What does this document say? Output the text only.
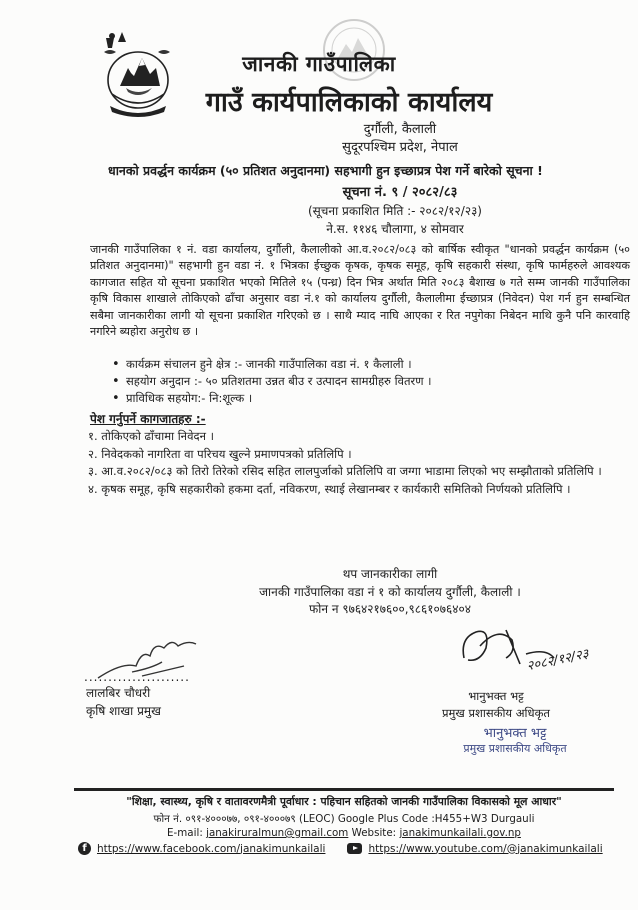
जानकी गाउँपालिका
गाउँ कार्यपालिकाको कार्यालय
दुर्गौली, कैलाली
सुदूरपश्चिम प्रदेश, नेपाल
धानको प्रवर्द्धन कार्यक्रम (५० प्रतिशत अनुदानमा) सहभागी हुन इच्छाप्रत्र पेश गर्ने बारेको सूचना !
सूचना नं. ९ / २०८२/८३
(सूचना प्रकाशित मिति :- २०८२/१२/२३)
ने.स. ११४६ चौलागा, ४ सोमवार

जानकी गाउँपालिका १ नं. वडा कार्यालय, दुर्गौली, कैलालीको आ.व.२०८२/०८३ को बार्षिक स्वीकृत "धानको प्रवर्द्धन कार्यक्रम (५० प्रतिशत अनुदानमा)" सहभागी हुन वडा नं. १ भित्रका ईच्छुक कृषक, कृषक समूह, कृषि सहकारी संस्था, कृषि फार्महरुले आवश्यक कागजात सहित यो सूचना प्रकाशित भएको मितिले १५ (पन्ध्र) दिन भित्र अर्थात मिति २०८३ बैशाख ७ गते सम्म जानकी गाउँपालिका कृषि विकास शाखाले तोकिएको ढाँचा अनुसार वडा नं.१ को कार्यालय दुर्गौली, कैलालीमा ईच्छाप्रत्र (निवेदन) पेश गर्न हुन सम्बन्धित सबैमा जानकारीका लागी यो सूचना प्रकाशित गरिएको छ । साथै म्याद नाघि आएका र रित नपुगेका निबेदन माथि कुनै पनि कारवाहि नगरिने ब्यहोरा अनुरोध छ ।

• कार्यक्रम संचालन हुने क्षेत्र :- जानकी गाउँपालिका वडा नं. १ कैलाली ।
• सहयोग अनुदान :- ५० प्रतिशतमा उन्नत बीउ र उत्पादन सामग्रीहरु वितरण ।
• प्राविधिक सहयोग:- नि:शूल्क ।
पेश गर्नुपर्ने कागजातहरु :-
१. तोकिएको ढाँचामा निवेदन ।
२. निवेदकको नागरिता वा परिचय खुल्ने प्रमाणपत्रको प्रतिलिपि ।
३. आ.व.२०८२/०८३ को तिरो तिरेको रसिद सहित लालपुर्जाको प्रतिलिपि वा जग्गा भाडामा लिएको भए सम्झौताको प्रतिलिपि ।
४. कृषक समूह, कृषि सहकारीको हकमा दर्ता, नविकरण, स्थाई लेखानम्बर र कार्यकारी समितिको निर्णयको प्रतिलिपि ।
थप जानकारीका लागी
जानकी गाउँपालिका वडा नं १ को कार्यालय दुर्गौली, कैलाली ।
फोन न ९७६४२१७६००,९८६१०७६४०४
२०८२/१२/२३
......................
लालबिर चौधरी
कृषि शाखा प्रमुख
भानुभक्त भट्ट
प्रमुख प्रशासकीय अधिकृत
भानुभक्त भट्ट
प्रमुख प्रशासकीय अधिकृत
"शिक्षा, स्वास्थ्य, कृषि र वातावरणमैत्री पूर्वाधार : पहिचान सहितको जानकी गाउँपालिका विकासको मूल आधार"
फोन नं. ०९१-४०००७७, ०९१-४०००७९ (LEOC) Google Plus Code :H455+W3 Durgauli
E-mail: janakiruralmun@gmail.com Website: janakimunkailali.gov.np
f https://www.facebook.com/janakimunkailali	https://www.youtube.com/@janakimunkailali
